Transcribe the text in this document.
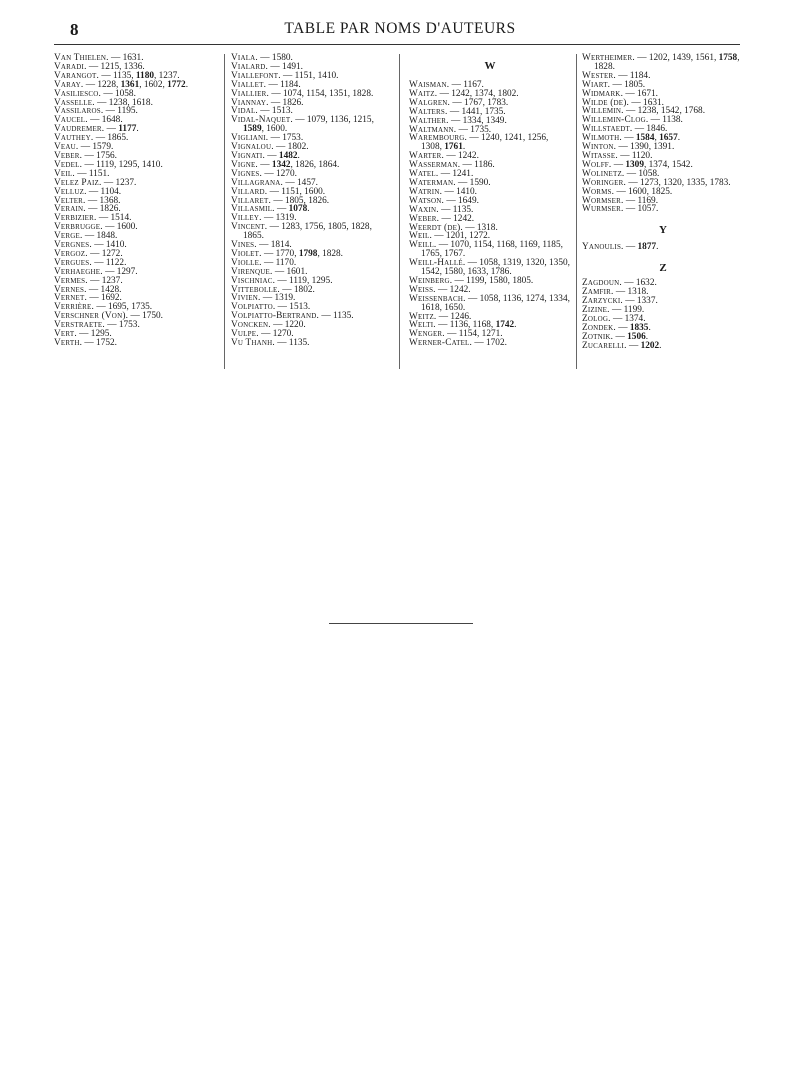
8	TABLE PAR NOMS D'AUTEURS
Van Thielen. — 1631.
Varadi. — 1215, 1336.
Varangot. — 1135, 1180, 1237.
Varay. — 1228, 1361, 1602, 1772.
Vasiliesco. — 1058.
Vasselle. — 1238, 1618.
Vassilaros. — 1195.
Vaucel. — 1648.
Vaudremer. — 1177.
Vauthey. — 1865.
Veau. — 1579.
Veber. — 1756.
Vedel. — 1119, 1295, 1410.
Veil. — 1151.
Velez Paiz. — 1237.
Velluz. — 1104.
Velter. — 1368.
Verain. — 1826.
Verbizier. — 1514.
Verbrugge. — 1600.
Verge. — 1848.
Vergnes. — 1410.
Vergoz. — 1272.
Vergues. — 1122.
Verhaeghe. — 1297.
Vermes. — 1237.
Vernes. — 1428.
Vernet. — 1692.
Verrière. — 1695, 1735.
Verschner (Von). — 1750.
Verstraete. — 1753.
Vert. — 1295.
Verth. — 1752.
Viala. — 1580.
Vialard. — 1491.
Viallefont. — 1151, 1410.
Viallet. — 1184.
Viallier. — 1074, 1154, 1351, 1828.
Viannay. — 1826.
Vidal. — 1513.
Vidal-Naquet. — 1079, 1136, 1215, 1589, 1600.
Vigliani. — 1753.
Vignalou. — 1802.
Vignati. — 1482.
Vigne. — 1342, 1826, 1864.
Vignes. — 1270.
Villagrana. — 1457.
Villard. — 1151, 1600.
Villaret. — 1805, 1826.
Villasmil. — 1078.
Villey. — 1319.
Vincent. — 1283, 1756, 1805, 1828, 1865.
Vines. — 1814.
Violet. — 1770, 1798, 1828.
Violle. — 1170.
Virenque. — 1601.
Vischniac. — 1119, 1295.
Vittebolle. — 1802.
Vivien. — 1319.
Volpiatto. — 1513.
Volpiatto-Bertrand. — 1135.
Voncken. — 1220.
Vulpe. — 1270.
Vu Thanh. — 1135.
W
Waisman. — 1167.
Waitz. — 1242, 1374, 1802.
Walgren. — 1767, 1783.
Walters. — 1441, 1735.
Walther. — 1334, 1349.
Waltmann. — 1735.
Warembourg. — 1240, 1241, 1256, 1308, 1761.
Warter. — 1242.
Wasserman. — 1186.
Watel. — 1241.
Waterman. — 1590.
Watrin. — 1410.
Watson. — 1649.
Waxin. — 1135.
Weber. — 1242.
Weerdt (de). — 1318.
Weil. — 1201, 1272.
Weill. — 1070, 1154, 1168, 1169, 1185, 1765, 1767.
Weill-Hallé. — 1058, 1319, 1320, 1350, 1542, 1580, 1633, 1786.
Weinberg. — 1199, 1580, 1805.
Weiss. — 1242.
Weissenbach. — 1058, 1136, 1274, 1334, 1618, 1650.
Weitz. — 1246.
Welti. — 1136, 1168, 1742.
Wenger. — 1154, 1271.
Werner-Catel. — 1702.
Wertheimer. — 1202, 1439, 1561, 1758, 1828.
Wester. — 1184.
Wiart. — 1805.
Widmark. — 1671.
Wilde (de). — 1631.
Willemin. — 1238, 1542, 1768.
Willemin-Clog. — 1138.
Willstaedt. — 1846.
Wilmoth. — 1584, 1657.
Winton. — 1390, 1391.
Witasse. — 1120.
Wolff. — 1309, 1374, 1542.
Wolinetz. — 1058.
Woringer. — 1273, 1320, 1335, 1783.
Worms. — 1600, 1825.
Wormser. — 1169.
Wurmser. — 1057.
Y
Yanoulis. — 1877.
Z
Zagdoun. — 1632.
Zamfir. — 1318.
Zarzycki. — 1337.
Zizine. — 1199.
Zolog. — 1374.
Zondek. — 1835.
Zotnik. — 1506.
Zucarelli. — 1202.
